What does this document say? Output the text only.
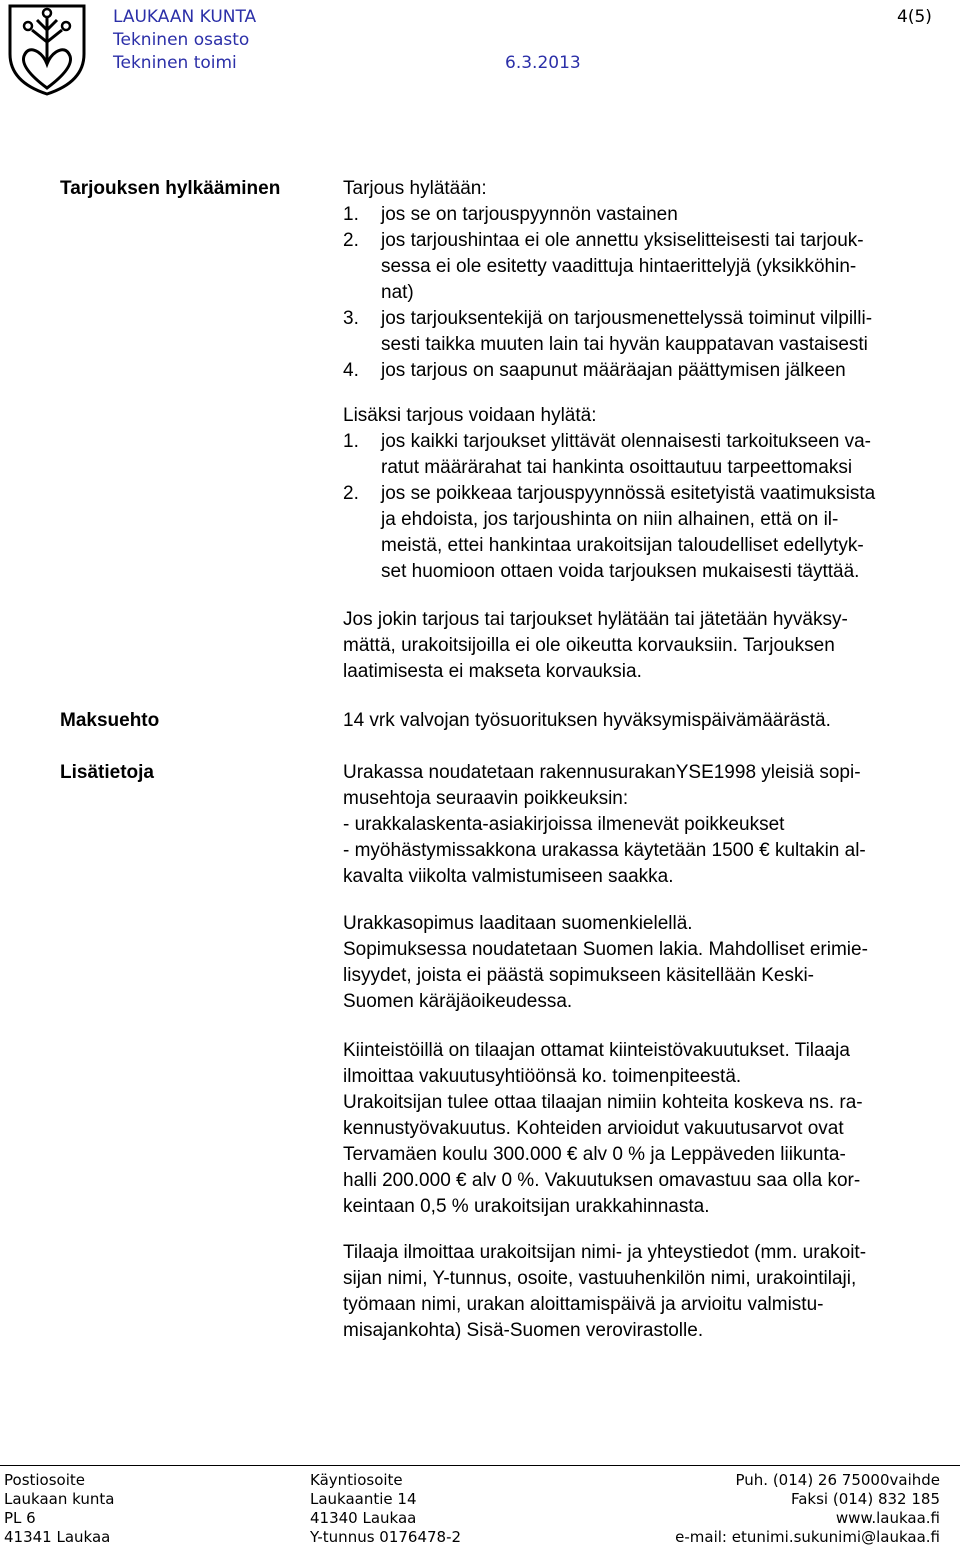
LAUKAAN KUNTA
Tekninen osasto
Tekninen toimi
4(5)
6.3.2013
Tarjouksen hylkääminen	Tarjous hylätään:
1. jos se on tarjouspyynnön vastainen
2. jos tarjoushintaa ei ole annettu yksiselitteisesti tai tarjouk-
sessa ei ole esitetty vaadittuja hintaerittelyjä (yksikköhin-
nat)
3. jos tarjouksentekijä on tarjousmenettelyssä toiminut vilpilli-
sesti taikka muuten lain tai hyvän kauppatavan vastaisesti
4. jos tarjous on saapunut määräajan päättymisen jälkeen
Lisäksi tarjous voidaan hylätä:
1. jos kaikki tarjoukset ylittävät olennaisesti tarkoitukseen va-
ratut määrärahat tai hankinta osoittautuu tarpeettomaksi
2. jos se poikkeaa tarjouspyynnössä esitetyistä vaatimuksista
ja ehdoista, jos tarjoushinta on niin alhainen, että on il-
meistä, ettei hankintaa urakoitsijan taloudelliset edellytyk-
set huomioon ottaen voida tarjouksen mukaisesti täyttää.
Jos jokin tarjous tai tarjoukset hylätään tai jätetään hyväksy-
mättä, urakoitsijoilla ei ole oikeutta korvauksiin. Tarjouksen
laatimisesta ei makseta korvauksia.
Maksuehto	14 vrk valvojan työsuorituksen hyväksymispäivämäärästä.
Lisätietoja	Urakassa noudatetaan rakennusurakanYSE1998 yleisiä sopi-
musehtoja seuraavin poikkeuksin:
- urakkalaskenta-asiakirjoissa ilmenevät poikkeukset
- myöhästymissakkona urakassa käytetään 1500 € kultakin al-
kavalta viikolta valmistumiseen saakka.
Urakkasopimus laaditaan suomenkielellä.
Sopimuksessa noudatetaan Suomen lakia. Mahdolliset erimie-
lisyydet, joista ei päästä sopimukseen käsitellään Keski-
Suomen käräjäoikeudessa.
Kiinteistöillä on tilaajan ottamat kiinteistövakuutukset. Tilaaja
ilmoittaa vakuutusyhtiöönsä ko. toimenpiteestä.
Urakoitsijan tulee ottaa tilaajan nimiin kohteita koskeva ns. ra-
kennustyövakuutus. Kohteiden arvioidut vakuutusarvot ovat
Tervamäen koulu 300.000 € alv 0 % ja Leppäveden liikunta-
halli 200.000 € alv 0 %. Vakuutuksen omavastuu saa olla kor-
keintaan 0,5 % urakoitsijan urakkahinnasta.
Tilaaja ilmoittaa urakoitsijan nimi- ja yhteystiedot (mm. urakoit-
sijan nimi, Y-tunnus, osoite, vastuuhenkilön nimi, urakointilaji,
työmaan nimi, urakan aloittamispäivä ja arvioitu valmistu-
misajankohta) Sisä-Suomen verovirastolle.
Postiosoite
Laukaan kunta
PL 6
41341 Laukaa
Käyntiosoite
Laukaantie 14
41340 Laukaa
Y-tunnus 0176478-2
Puh. (014) 26 75000vaihde
Faksi (014) 832 185
www.laukaa.fi
e-mail: etunimi.sukunimi@laukaa.fi
